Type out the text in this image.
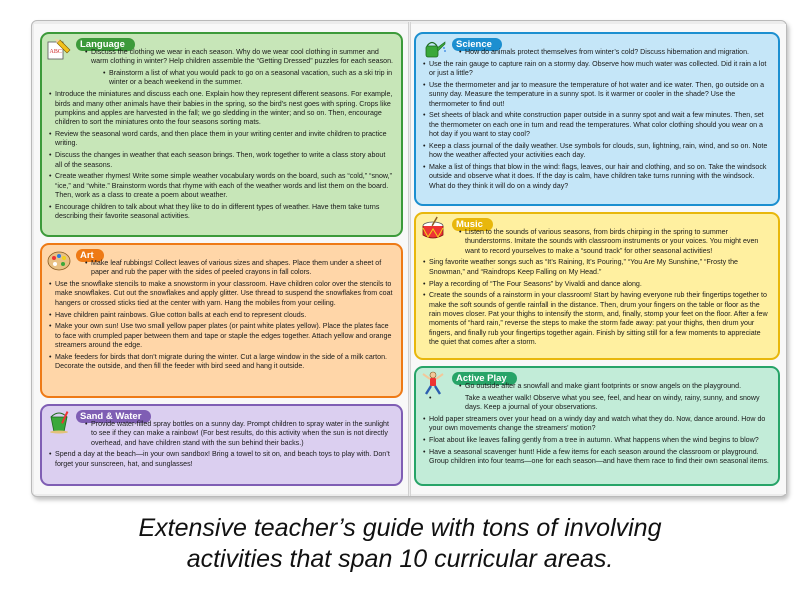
ABC
Language
• Discuss the clothing we wear in each season. Why do we wear cool clothing in summer and warm clothing in winter? Help children assemble the “Getting Dressed” puzzles for each season.
• Brainstorm a list of what you would pack to go on a seasonal vacation, such as a ski trip in winter or a beach weekend in the summer.
• Introduce the miniatures and discuss each one. Explain how they represent different seasons. For example, birds and many other animals have their babies in the spring, so the bird’s nest goes with spring. Crops like pumpkins and apples are harvested in the fall; we go sledding in the winter; and so on. Then, encourage children to sort the miniatures onto the four seasons sorting mats.
• Review the seasonal word cards, and then place them in your writing center and invite children to practice writing.
• Discuss the changes in weather that each season brings. Then, work together to write a class story about all of the seasons.
• Create weather rhymes! Write some simple weather vocabulary words on the board, such as “cold,” “snow,” “ice,” and “white.” Brainstorm words that rhyme with each of the weather words and list them on the board. Then, work as a class to create a poem about weather.
• Encourage children to talk about what they like to do in different types of weather. Have them take turns describing their favorite seasonal activities.
Art
• Make leaf rubbings! Collect leaves of various sizes and shapes. Place them under a sheet of paper and rub the paper with the sides of peeled crayons in fall colors.
• Use the snowflake stencils to make a snowstorm in your classroom. Have children color over the stencils to make snowflakes. Cut out the snowflakes and apply glitter. Use thread to suspend the snowflakes from coat hangers or crossed sticks tied at the center with yarn. Hang the mobiles from your ceiling.
• Have children paint rainbows. Glue cotton balls at each end to represent clouds.
• Make your own sun! Use two small yellow paper plates (or paint white plates yellow). Place the plates face to face with crumpled paper between them and tape or staple the edges together. Attach yellow and orange streamers around the edge.
• Make feeders for birds that don’t migrate during the winter. Cut a large window in the side of a milk carton. Decorate the outside, and then fill the feeder with bird seed and hang it outside.
Sand & Water
• Provide water-filled spray bottles on a sunny day. Prompt children to spray water in the sunlight to see if they can make a rainbow! (For best results, do this activity when the sun is not directly overhead, and have children stand with the sun behind their backs.)
• Spend a day at the beach—in your own sandbox! Bring a towel to sit on, and beach toys to play with. Don’t forget your sunscreen, hat, and sunglasses!
Science
• How do animals protect themselves from winter’s cold? Discuss hibernation and migration.
• Use the rain gauge to capture rain on a stormy day. Observe how much water was collected. Did it rain a lot or just a little?
• Use the thermometer and jar to measure the temperature of hot water and ice water. Then, go outside on a sunny day. Measure the temperature in a sunny spot. Is it warmer or cooler in the shade? Use the thermometer to find out!
• Set sheets of black and white construction paper outside in a sunny spot and wait a few minutes. Then, set the thermometer on each one in turn and read the temperatures. What color clothing should you wear on a hot day if you want to stay cool?
• Keep a class journal of the daily weather. Use symbols for clouds, sun, lightning, rain, wind, and so on. Note how the weather affected your activities each day.
• Make a list of things that blow in the wind: flags, leaves, our hair and clothing, and so on. Take the windsock outside and observe what it does. If the day is calm, have children take turns running with the windsock. What do they think it will do on a windy day?
Music
• Listen to the sounds of various seasons, from birds chirping in the spring to summer thunderstorms. Imitate the sounds with classroom instruments or your voices. You might even want to record yourselves to make a “sound track” for other seasonal activities!
• Sing favorite weather songs such as “It’s Raining, It’s Pouring,” “You Are My Sunshine,” “Frosty the Snowman,” and “Raindrops Keep Falling on My Head.”
• Play a recording of “The Four Seasons” by Vivaldi and dance along.
• Create the sounds of a rainstorm in your classroom! Start by having everyone rub their fingertips together to make the soft sounds of gentle rainfall in the distance. Then, drum your fingers on the table or floor as the rain moves closer. Pat your thighs to intensify the storm, and, finally, stomp your feet on the floor. After a few moments of “hard rain,” reverse the steps to make the storm fade away: pat your thighs, then drum your fingers, and finally rub your fingertips together again. Finish by sitting still for a few moments to appreciate the quiet that comes after a storm.
Active Play
• Go outside after a snowfall and make giant footprints or snow angels on the playground.
• Take a weather walk! Observe what you see, feel, and hear on windy, rainy, sunny, and snowy days. Keep a journal of your observations.
• Hold paper streamers over your head on a windy day and watch what they do. Now, dance around. How do your own movements change the streamers’ motion?
• Float about like leaves falling gently from a tree in autumn. What happens when the wind begins to blow?
• Have a seasonal scavenger hunt! Hide a few items for each season around the classroom or playground. Group children into four teams—one for each season—and have them race to find their own seasonal items.
Extensive teacher’s guide with tons of involving
activities that span 10 curricular areas.
